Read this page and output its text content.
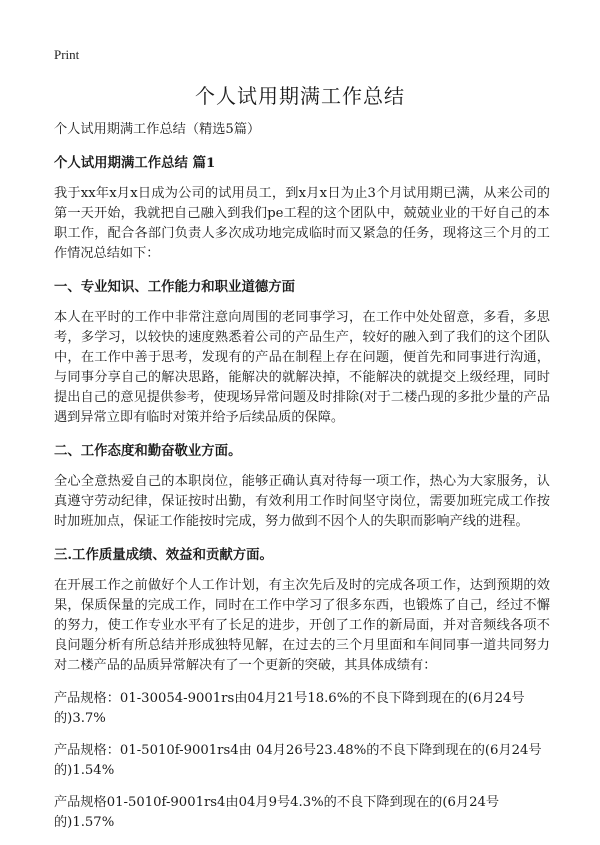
Print
个人试用期满工作总结

个人试用期满工作总结（精选5篇）

个人试用期满工作总结 篇1

我于xx年x月x日成为公司的试用员工，到x月x日为止3个月试用期已满，从来公司的第一天开始，我就把自己融入到我们pe工程的这个团队中，兢兢业业的干好自己的本职工作，配合各部门负责人多次成功地完成临时而又紧急的任务，现将这三个月的工作情况总结如下：

一、专业知识、工作能力和职业道德方面

本人在平时的工作中非常注意向周围的老同事学习，在工作中处处留意，多看，多思考，多学习，以较快的速度熟悉着公司的产品生产，较好的融入到了我们的这个团队中，在工作中善于思考，发现有的产品在制程上存在问题，便首先和同事进行沟通，与同事分享自己的解决思路，能解决的就解决掉，不能解决的就提交上级经理，同时提出自己的意见提供参考，使现场异常问题及时排除(对于二楼凸现的多批少量的产品遇到异常立即有临时对策并给予后续品质的保障。

二、工作态度和勤奋敬业方面。

全心全意热爱自己的本职岗位，能够正确认真对待每一项工作，热心为大家服务，认真遵守劳动纪律，保证按时出勤，有效利用工作时间坚守岗位，需要加班完成工作按时加班加点，保证工作能按时完成，努力做到不因个人的失职而影响产线的进程。

三.工作质量成绩、效益和贡献方面。

在开展工作之前做好个人工作计划，有主次先后及时的完成各项工作，达到预期的效果，保质保量的完成工作，同时在工作中学习了很多东西，也锻炼了自己，经过不懈的努力，使工作专业水平有了长足的进步，开创了工作的新局面，并对音频线各项不良问题分析有所总结并形成独特见解，在过去的三个月里面和车间同事一道共同努力对二楼产品的品质异常解决有了一个更新的突破，其具体成绩有：

产品规格：01-30054-9001rs由04月21号18.6%的不良下降到现在的(6月24号的)3.7%

产品规格：01-5010f-9001rs4由 04月26号23.48%的不良下降到现在的(6月24号的)1.54%

产品规格01-5010f-9001rs4由04月9号4.3%的不良下降到现在的(6月24号的)1.57%
